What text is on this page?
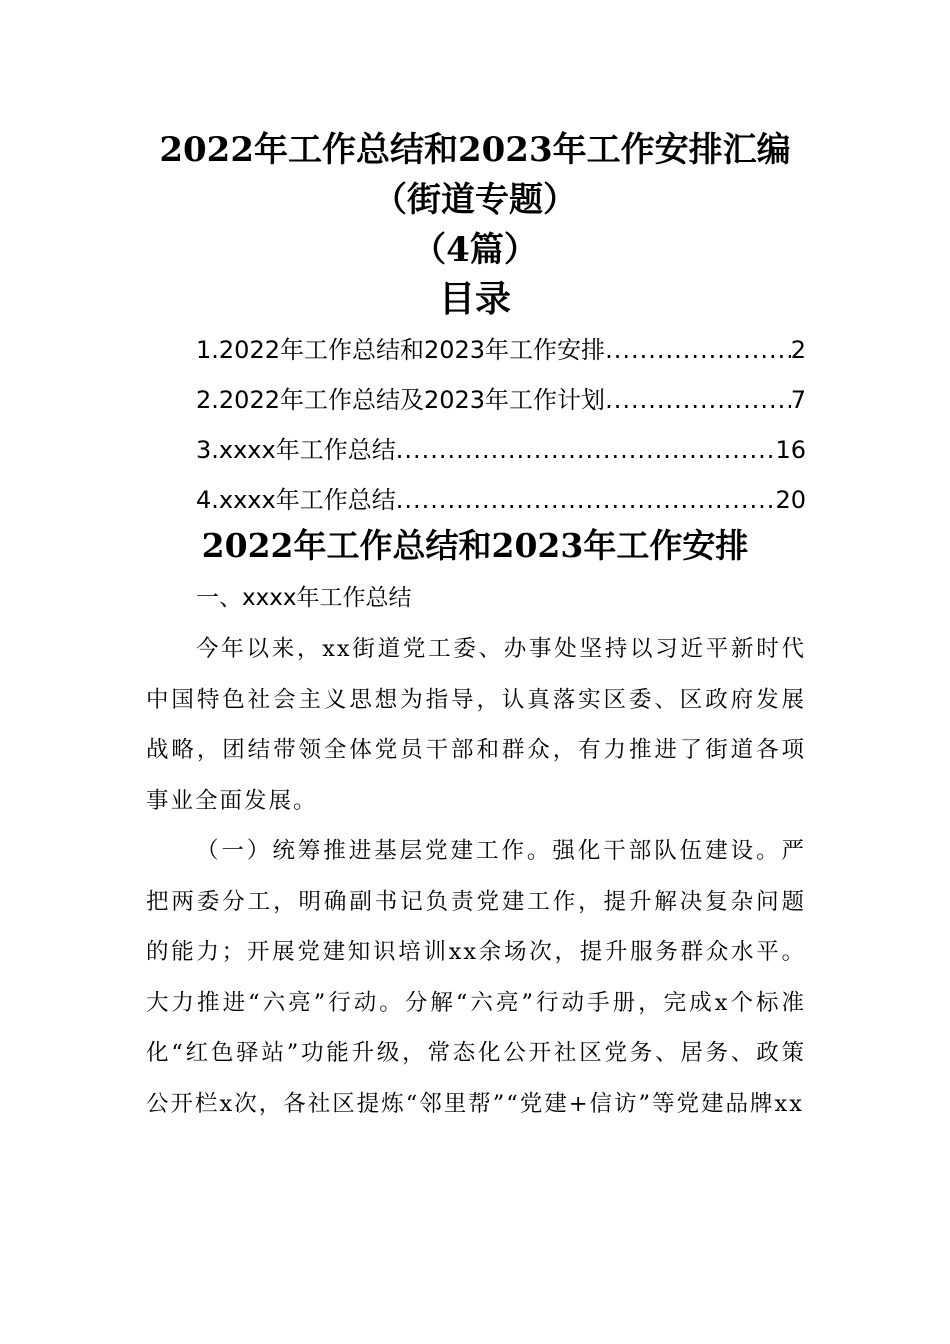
2022年工作总结和2023年工作安排汇编
（街道专题）
（4篇）
目录
1.2022年工作总结和2023年工作安排 .....	2
2.2022年工作总结及2023年工作计划 .....	7
3.xxxx年工作总结 .....	16
4.xxxx年工作总结 .....	20
2022年工作总结和2023年工作安排
一、xxxx年工作总结
今年以来，xx街道党工委、办事处坚持以习近平新时代中国特色社会主义思想为指导，认真落实区委、区政府发展战略，团结带领全体党员干部和群众，有力推进了街道各项事业全面发展。
（一）统筹推进基层党建工作。强化干部队伍建设。严把两委分工，明确副书记负责党建工作，提升解决复杂问题的能力；开展党建知识培训xx余场次，提升服务群众水平。大力推进“六亮”行动。分解“六亮”行动手册，完成x个标准化“红色驿站”功能升级，常态化公开社区党务、居务、政策公开栏x次，各社区提炼“邻里帮”“党建+信访”等党建品牌xx
